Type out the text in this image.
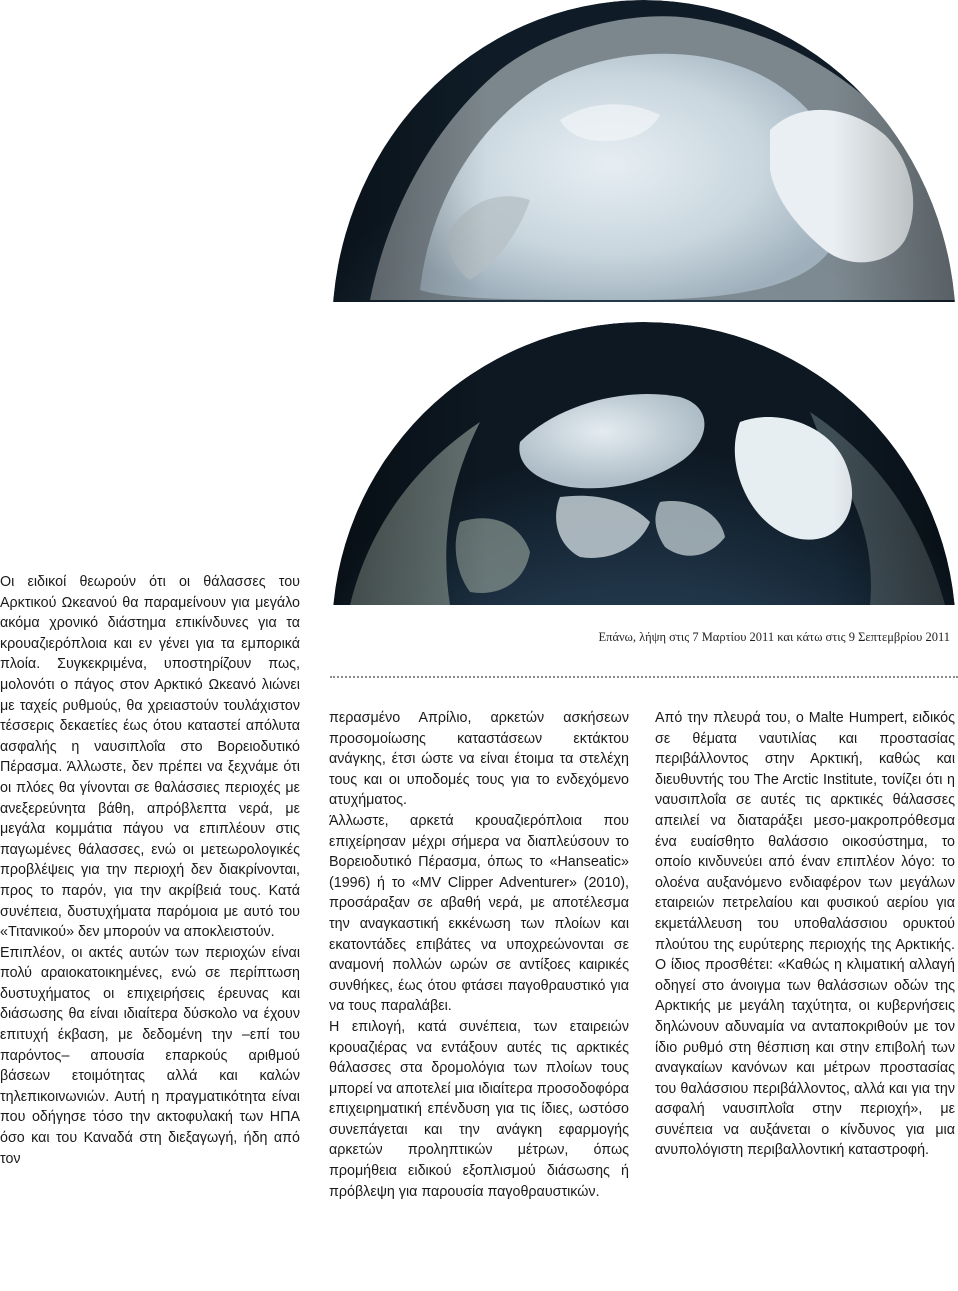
Επάνω, λήψη στις 7 Μαρτίου 2011 και κάτω στις 9 Σεπτεμβρίου 2011

Οι ειδικοί θεωρούν ότι οι θάλασσες του Αρκτικού Ωκεανού θα παραμείνουν για μεγάλο ακόμα χρονικό διάστημα επικίνδυνες για τα κρουαζιερόπλοια και εν γένει για τα εμπορικά πλοία. Συγκεκριμένα, υποστηρίζουν πως, μολονότι ο πάγος στον Αρκτικό Ωκεανό λιώνει με ταχείς ρυθμούς, θα χρειαστούν τουλάχιστον τέσσερις δεκαετίες έως ότου καταστεί απόλυτα ασφαλής η ναυσιπλοΐα στο Βορειοδυτικό Πέρασμα. Άλλωστε, δεν πρέπει να ξεχνάμε ότι οι πλόες θα γίνονται σε θαλάσσιες περιοχές με ανεξερεύνητα βάθη, απρόβλεπτα νερά, με μεγάλα κομμάτια πάγου να επιπλέουν στις παγωμένες θάλασσες, ενώ οι μετεωρολογικές προβλέψεις για την περιοχή δεν διακρίνονται, προς το παρόν, για την ακρίβειά τους. Κατά συνέπεια, δυστυχήματα παρόμοια με αυτό του «Τιτανικού» δεν μπορούν να αποκλειστούν.

Επιπλέον, οι ακτές αυτών των περιοχών είναι πολύ αραιοκατοικημένες, ενώ σε περίπτωση δυστυχήματος οι επιχειρήσεις έρευνας και διάσωσης θα είναι ιδιαίτερα δύσκολο να έχουν επιτυχή έκβαση, με δεδομένη την –επί του παρόντος– απουσία επαρκούς αριθμού βάσεων ετοιμότητας αλλά και καλών τηλεπικοινωνιών. Αυτή η πραγματικότητα είναι που οδήγησε τόσο την ακτοφυλακή των ΗΠΑ όσο και του Καναδά στη διεξαγωγή, ήδη από τον

περασμένο Απρίλιο, αρκετών ασκήσεων προσομοίωσης καταστάσεων εκτάκτου ανάγκης, έτσι ώστε να είναι έτοιμα τα στελέχη τους και οι υποδομές τους για το ενδεχόμενο ατυχήματος.

Άλλωστε, αρκετά κρουαζιερόπλοια που επιχείρησαν μέχρι σήμερα να διαπλεύσουν το Βορειοδυτικό Πέρασμα, όπως το «Hanseatic» (1996) ή το «MV Clipper Adventurer» (2010), προσάραξαν σε αβαθή νερά, με αποτέλεσμα την αναγκαστική εκκένωση των πλοίων και εκατοντάδες επιβάτες να υποχρεώνονται σε αναμονή πολλών ωρών σε αντίξοες καιρικές συνθήκες, έως ότου φτάσει παγοθραυστικό για να τους παραλάβει.

Η επιλογή, κατά συνέπεια, των εταιρειών κρουαζιέρας να εντάξουν αυτές τις αρκτικές θάλασσες στα δρομολόγια των πλοίων τους μπορεί να αποτελεί μια ιδιαίτερα προσοδοφόρα επιχειρηματική επένδυση για τις ίδιες, ωστόσο συνεπάγεται και την ανάγκη εφαρμογής αρκετών προληπτικών μέτρων, όπως προμήθεια ειδικού εξοπλισμού διάσωσης ή πρόβλεψη για παρουσία παγοθραυστικών.

Από την πλευρά του, ο Malte Humpert, ειδικός σε θέματα ναυτιλίας και προστασίας περιβάλλοντος στην Αρκτική, καθώς και διευθυντής του The Arctic Institute, τονίζει ότι η ναυσιπλοΐα σε αυτές τις αρκτικές θάλασσες απειλεί να διαταράξει μεσο-μακροπρόθεσμα ένα ευαίσθητο θαλάσσιο οικοσύστημα, το οποίο κινδυνεύει από έναν επιπλέον λόγο: το ολοένα αυξανόμενο ενδιαφέρον των μεγάλων εταιρειών πετρελαίου και φυσικού αερίου για εκμετάλλευση του υποθαλάσσιου ορυκτού πλούτου της ευρύτερης περιοχής της Αρκτικής. Ο ίδιος προσθέτει: «Καθώς η κλιματική αλλαγή οδηγεί στο άνοιγμα των θαλάσσιων οδών της Αρκτικής με μεγάλη ταχύτητα, οι κυβερνήσεις δηλώνουν αδυναμία να ανταποκριθούν με τον ίδιο ρυθμό στη θέσπιση και στην επιβολή των αναγκαίων κανόνων και μέτρων προστασίας του θαλάσσιου περιβάλλοντος, αλλά και για την ασφαλή ναυσιπλοΐα στην περιοχή», με συνέπεια να αυξάνεται ο κίνδυνος για μια ανυπολόγιστη περιβαλλοντική καταστροφή.
